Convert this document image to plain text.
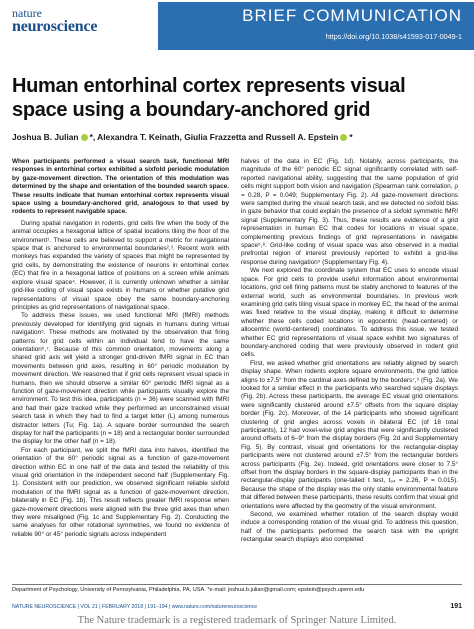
nature
neuroscience
BRIEF COMMUNICATION
https://doi.org/10.1038/s41593-017-0049-1
Human entorhinal cortex represents visual space using a boundary-anchored grid
Joshua B. Julian *, Alexandra T. Keinath, Giulia Frazzetta and Russell A. Epstein *

When participants performed a visual search task, functional MRI responses in entorhinal cortex exhibited a sixfold periodic modulation by gaze-movement direction. The orientation of this modulation was determined by the shape and orientation of the bounded search space. These results indicate that human entorhinal cortex represents visual space using a boundary-anchored grid, analogous to that used by rodents to represent navigable space.

During spatial navigation in rodents, grid cells fire when the body of the animal occupies a hexagonal lattice of spatial locations tiling the floor of the environment¹. These cells are believed to support a metric for navigational space that is anchored to environmental boundaries²,³. Recent work with monkeys has expanded the variety of spaces that might be represented by grid cells, by demonstrating the existence of neurons in entorhinal cortex (EC) that fire in a hexagonal lattice of positions on a screen while animals explore visual space⁴. However, it is currently unknown whether a similar grid-like coding of visual space exists in humans or whether putative grid representations of visual space obey the same boundary-anchoring principles as grid representations of navigational space.

To address these issues, we used functional MRI (fMRI) methods previously developed for identifying grid signals in humans during virtual navigation⁵. These methods are motivated by the observation that firing patterns for grid cells within an individual tend to have the same orientation⁶,⁷. Because of this common orientation, movements along a shared grid axis will yield a stronger grid-driven fMRI signal in EC than movements between grid axes, resulting in 60° periodic modulation by movement direction. We reasoned that if grid cells represent visual space in humans, then we should observe a similar 60° periodic fMRI signal as a function of gaze-movement direction while participants visually explore the environment. To test this idea, participants (n = 36) were scanned with fMRI and had their gaze tracked while they performed an unconstrained visual search task in which they had to find a target letter (L) among numerous distractor letters (Tu; Fig. 1a). A square border surrounded the search display for half the participants (n = 18) and a rectangular border surrounded the display for the other half (n = 18).

For each participant, we split the fMRI data into halves, identified the orientation of the 60° periodic signal as a function of gaze-movement direction within EC in one half of the data and tested the reliability of this visual grid orientation in the independent second half (Supplementary Fig. 1). Consistent with our prediction, we observed significant reliable sixfold modulation of the fMRI signal as a function of gaze-movement direction, bilaterally in EC (Fig. 1b). This result reflects greater fMRI response when gaze-movement directions were aligned with the three grid axes than when they were misaligned (Fig. 1c and Supplementary Fig. 2). Conducting the same analyses for other rotational symmetries, we found no evidence of reliable 90° or 45° periodic signals across independent

halves of the data in EC (Fig. 1d). Notably, across participants, the magnitude of the 60° periodic EC signal significantly correlated with self-reported navigational ability, suggesting that the same population of grid cells might support both vision and navigation (Spearman rank correlation, ρ = 0.28, P = 0.049; Supplementary Fig. 2). All gaze-movement directions were sampled during the visual search task, and we detected no sixfold bias in gaze behavior that could explain the presence of a sixfold symmetric fMRI signal (Supplementary Fig. 3). Thus, these results are evidence of a grid representation in human EC that codes for locations in visual space, complementing previous findings of grid representations in navigable space⁵,⁸. Grid-like coding of visual space was also observed in a medial prefrontal region of interest previously reported to exhibit a grid-like response during navigation⁵ (Supplementary Fig. 4).

We next explored the coordinate system that EC uses to encode visual space. For grid cells to provide useful information about environmental locations, grid cell firing patterns must be stably anchored to features of the external world, such as environmental boundaries. In previous work examining grid cells tiling visual space in monkey EC, the head of the animal was fixed relative to the visual display, making it difficult to determine whether these cells coded locations in egocentric (head-centered) or allocentric (world-centered) coordinates. To address this issue, we tested whether EC grid representations of visual space exhibit two signatures of boundary-anchored coding that were previously observed in rodent grid cells.

First, we asked whether grid orientations are reliably aligned by search display shape. When rodents explore square environments, the grid lattice aligns to ±7.5° from the cardinal axes defined by the borders⁷,⁹ (Fig. 2a). We looked for a similar effect in the participants who searched square displays (Fig. 2b). Across these participants, the average EC visual grid orientations were significantly clustered around ±7.5° offsets from the square display border (Fig. 2c). Moreover, of the 14 participants who showed significant clustering of grid angles across voxels in bilateral EC (of 18 total participants), 12 had voxel-wise grid angles that were significantly clustered around offsets of 6–9° from the display borders (Fig. 2d and Supplementary Fig. 5). By contrast, visual grid orientations for the rectangular-display participants were not clustered around ±7.5° from the rectangular borders across participants (Fig. 2e). Indeed, grid orientations were closer to 7.5° offset from the display borders in the square-display participants than in the rectangular-display participants (one-tailed t test, t₃₄ = 2.26, P = 0.015). Because the shape of the display was the only stable environmental feature that differed between these participants, these results confirm that visual grid orientations were affected by the geometry of the visual environment.

Second, we examined whether rotation of the search display would induce a corresponding rotation of the visual grid. To address this question, half of the participants performed the search task with the upright rectangular search displays also completed

Department of Psychology, University of Pennsylvania, Philadelphia, PA, USA. *e-mail: joshua.b.julian@gmail.com; epstein@psych.upenn.edu
NATURE NEUROSCIENCE | VOL 21 | FEBRUARY 2018 | 191–194 | www.nature.com/natureneuroscience	191
The Nature trademark is a registered trademark of Springer Nature Limited.
